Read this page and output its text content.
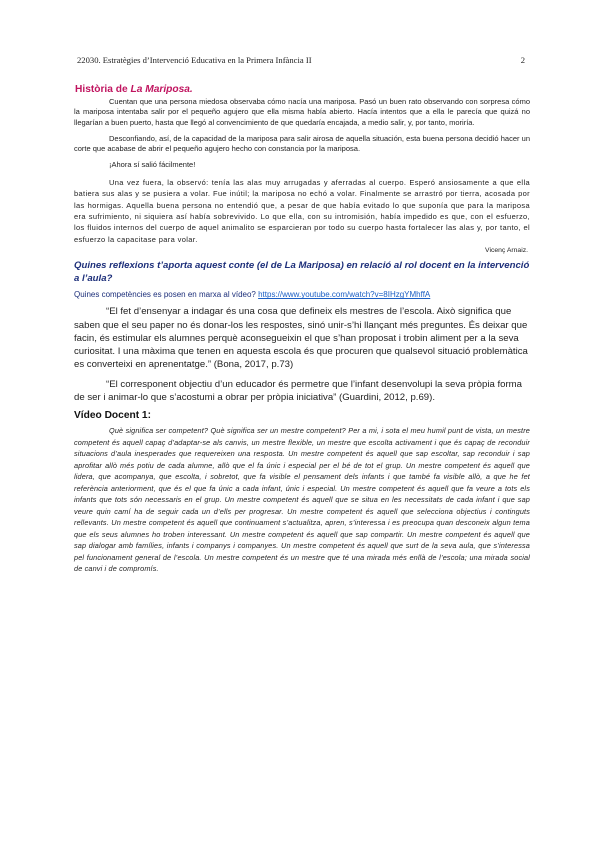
22030. Estratègies d’Intervenció Educativa en la Primera Infància II	2
Història de La Mariposa.

Cuentan que una persona miedosa observaba cómo nacía una mariposa. Pasó un buen rato observando con sorpresa cómo la mariposa intentaba salir por el pequeño agujero que ella misma había abierto. Hacía intentos que a ella le parecía que quizá no llegarían a buen puerto, hasta que llegó al convencimiento de que quedaría encajada, a medio salir, y, por tanto, moriría.

Desconfiando, así, de la capacidad de la mariposa para salir airosa de aquella situación, esta buena persona decidió hacer un corte que acabase de abrir el pequeño agujero hecho con constancia por la mariposa.

¡Ahora sí salió fácilmente!

Una vez fuera, la observó: tenía las alas muy arrugadas y aferradas al cuerpo. Esperó ansiosamente a que ella batiera sus alas y se pusiera a volar. Fue inútil; la mariposa no echó a volar. Finalmente se arrastró por tierra, acosada por las hormigas. Aquella buena persona no entendió que, a pesar de que había evitado lo que suponía que para la mariposa era sufrimiento, ni siquiera así había sobrevivido. Lo que ella, con su intromisión, había impedido es que, con el esfuerzo, los fluidos internos del cuerpo de aquel animalito se esparcieran por todo su cuerpo hasta fortalecer las alas y, por tanto, el esfuerzo la capacitase para volar.

Vicenç Arnaiz.
Quines reflexions t’aporta aquest conte (el de La Mariposa) en relació al rol docent en la intervenció a l’aula?
Quines competències es posen en marxa al vídeo? https://www.youtube.com/watch?v=8IHzgYMhffA

“El fet d’ensenyar a indagar és una cosa que defineix els mestres de l’escola. Això significa que saben que el seu paper no és donar-los les respostes, sinó unir-s’hi llançant més preguntes. És deixar que facin, és estimular els alumnes perquè aconsegueixin el que s’han proposat i trobin aliment per a la seva curiositat. I una màxima que tenen en aquesta escola és que procuren que qualsevol situació problemàtica es converteixi en aprenentatge.” (Bona, 2017, p.73)

“El corresponent objectiu d’un educador és permetre que l’infant desenvolupi la seva pròpia forma de ser i animar-lo que s’acostumi a obrar per pròpia iniciativa” (Guardini, 2012, p.69).

Vídeo Docent 1:

Què significa ser competent? Què significa ser un mestre competent? Per a mi, i sota el meu humil punt de vista, un mestre competent és aquell capaç d’adaptar-se als canvis, un mestre flexible, un mestre que escolta activament i que és capaç de reconduir situacions d’aula inesperades que requereixen una resposta. Un mestre competent és aquell que sap escoltar, sap reconduir i sap aprofitar allò més potiu de cada alumne, allò que el fa únic i especial per el bé de tot el grup. Un mestre competent és aquell que lidera, que acompanya, que escolta, i sobretot, que fa visible el pensament dels infants i que també fa visible allò, a que he fet referència anteriorment, que és el que fa únic a cada infant, únic i especial. Un mestre competent és aquell que fa veure a tots els infants que tots són necessaris en el grup. Un mestre competent és aquell que se situa en les necessitats de cada infant i que sap veure quin camí ha de seguir cada un d’ells per progresar. Un mestre competent és aquell que selecciona objectius i continguts rellevants. Un mestre competent és aquell que continuament s’actualitza, apren, s’interessa i es preocupa quan desconeix algun tema que els seus alumnes ho troben interessant. Un mestre competent és aquell que sap compartir. Un mestre competent és aquell que sap dialogar amb famílies, infants i companys i companyes. Un mestre competent és aquell que surt de la seva aula, que s’interessa pel funcionament general de l’escola. Un mestre competent és un mestre que té una mirada més enllà de l’escola; una mirada social de canvi i de compromís.
